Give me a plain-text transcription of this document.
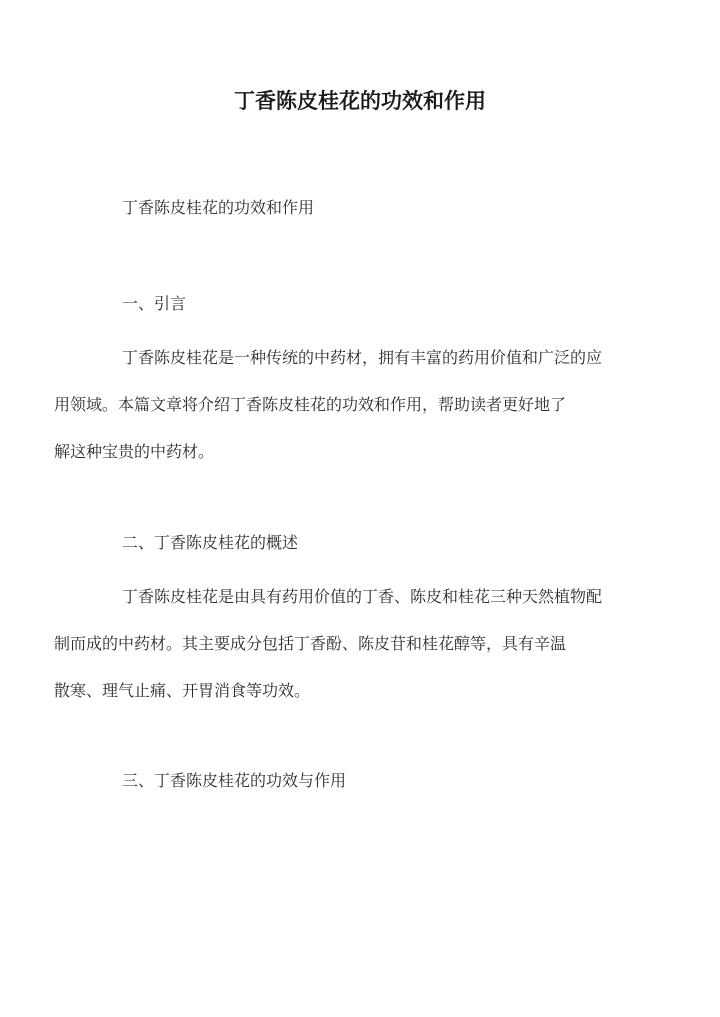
丁香陈皮桂花的功效和作用
丁香陈皮桂花的功效和作用
一、引言
丁香陈皮桂花是一种传统的中药材，拥有丰富的药用价值和广泛的应
用领域。本篇文章将介绍丁香陈皮桂花的功效和作用，帮助读者更好地了
解这种宝贵的中药材。
二、丁香陈皮桂花的概述
丁香陈皮桂花是由具有药用价值的丁香、陈皮和桂花三种天然植物配
制而成的中药材。其主要成分包括丁香酚、陈皮苷和桂花醇等，具有辛温
散寒、理气止痛、开胃消食等功效。
三、丁香陈皮桂花的功效与作用
